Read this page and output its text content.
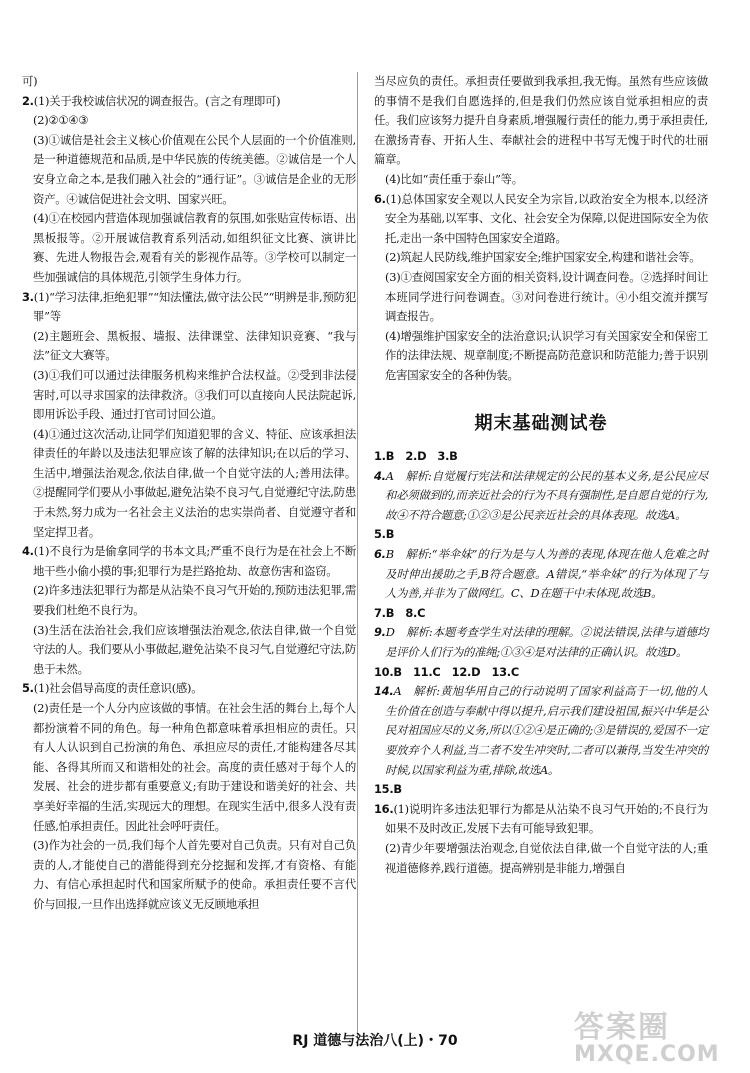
可)

2.(1)关于我校诚信状况的调查报告。(言之有理即可)

(2)②①④③

(3)①诚信是社会主义核心价值观在公民个人层面的一个价值准则,是一种道德规范和品质,是中华民族的传统美德。②诚信是一个人安身立命之本,是我们融入社会的“通行证”。③诚信是企业的无形资产。④诚信促进社会文明、国家兴旺。

(4)①在校园内营造体现加强诚信教育的氛围,如张贴宣传标语、出黑板报等。②开展诚信教育系列活动,如组织征文比赛、演讲比赛、先进人物报告会,观看有关的影视作品等。③学校可以制定一些加强诚信的具体规范,引领学生身体力行。

3.(1)“学习法律,拒绝犯罪”“知法懂法,做守法公民”“明辨是非,预防犯罪”等

(2)主题班会、黑板报、墙报、法律课堂、法律知识竞赛、“我与法”征文大赛等。

(3)①我们可以通过法律服务机构来维护合法权益。②受到非法侵害时,可以寻求国家的法律救济。③我们可以直接向人民法院起诉,即用诉讼手段、通过打官司讨回公道。

(4)①通过这次活动,让同学们知道犯罪的含义、特征、应该承担法律责任的年龄以及违法犯罪应该了解的法律知识;在以后的学习、生活中,增强法治观念,依法自律,做一个自觉守法的人;善用法律。②提醒同学们要从小事做起,避免沾染不良习气,自觉遵纪守法,防患于未然,努力成为一名社会主义法治的忠实崇尚者、自觉遵守者和坚定捍卫者。

4.(1)不良行为是偷拿同学的书本文具;严重不良行为是在社会上不断地干些小偷小摸的事;犯罪行为是拦路抢劫、故意伤害和盗窃。

(2)许多违法犯罪行为都是从沾染不良习气开始的,预防违法犯罪,需要我们杜绝不良行为。

(3)生活在法治社会,我们应该增强法治观念,依法自律,做一个自觉守法的人。我们要从小事做起,避免沾染不良习气,自觉遵纪守法,防患于未然。

5.(1)社会倡导高度的责任意识(感)。

(2)责任是一个人分内应该做的事情。在社会生活的舞台上,每个人都扮演着不同的角色。每一种角色都意味着承担相应的责任。只有人人认识到自己扮演的角色、承担应尽的责任,才能构建各尽其能、各得其所而又和谐相处的社会。高度的责任感对于每个人的发展、社会的进步都有重要意义;有助于建设和谐美好的社会、共享美好幸福的生活,实现远大的理想。在现实生活中,很多人没有责任感,怕承担责任。因此社会呼吁责任。

(3)作为社会的一员,我们每个人首先要对自己负责。只有对自己负责的人,才能使自己的潜能得到充分挖掘和发挥,才有资格、有能力、有信心承担起时代和国家所赋予的使命。承担责任要不言代价与回报,一旦作出选择就应该义无反顾地承担

当尽应负的责任。承担责任要做到我承担,我无悔。虽然有些应该做的事情不是我们自愿选择的,但是我们仍然应该自觉承担相应的责任。我们应该努力提升自身素质,增强履行责任的能力,勇于承担责任,在激扬青春、开拓人生、奉献社会的进程中书写无愧于时代的壮丽篇章。

(4)比如“责任重于泰山”等。

6.(1)总体国家安全观以人民安全为宗旨,以政治安全为根本,以经济安全为基础,以军事、文化、社会安全为保障,以促进国际安全为依托,走出一条中国特色国家安全道路。

(2)筑起人民防线,维护国家安全;维护国家安全,构建和谐社会等。

(3)①查阅国家安全方面的相关资料,设计调查问卷。②选择时间让本班同学进行问卷调查。③对问卷进行统计。④小组交流并撰写调查报告。

(4)增强维护国家安全的法治意识;认识学习有关国家安全和保密工作的法律法规、规章制度;不断提高防范意识和防范能力;善于识别危害国家安全的各种伪装。

期末基础测试卷

1.B　2.D　3.B

4.A　解析:自觉履行宪法和法律规定的公民的基本义务,是公民应尽和必须做到的,而亲近社会的行为不具有强制性,是自愿自觉的行为,故④不符合题意;①②③是公民亲近社会的具体表现。故选A。

5.B

6.B　解析:“举伞妹”的行为是与人为善的表现,体现在他人危难之时及时伸出援助之手,B符合题意。A错误,“举伞妹”的行为体现了与人为善,并非为了做网红。C、D在题干中未体现,故选B。

7.B　8.C

9.D　解析:本题考查学生对法律的理解。②说法错误,法律与道德均是评价人们行为的准绳;①③④是对法律的正确认识。故选D。

10.B　11.C　12.D　13.C

14.A　解析:黄旭华用自己的行动说明了国家利益高于一切,他的人生价值在创造与奉献中得以提升,启示我们建设祖国,振兴中华是公民对祖国应尽的义务,所以①②④是正确的;③是错误的,爱国不一定要放弃个人利益,当二者不发生冲突时,二者可以兼得,当发生冲突的时候,以国家利益为重,排除,故选A。

15.B

16.(1)说明许多违法犯罪行为都是从沾染不良习气开始的;不良行为如果不及时改正,发展下去有可能导致犯罪。

(2)青少年要增强法治观念,自觉依法自律,做一个自觉守法的人;重视道德修养,践行道德。提高辨别是非能力,增强自

RJ 道德与法治八(上)・70	答案圈
MXQE.COM
